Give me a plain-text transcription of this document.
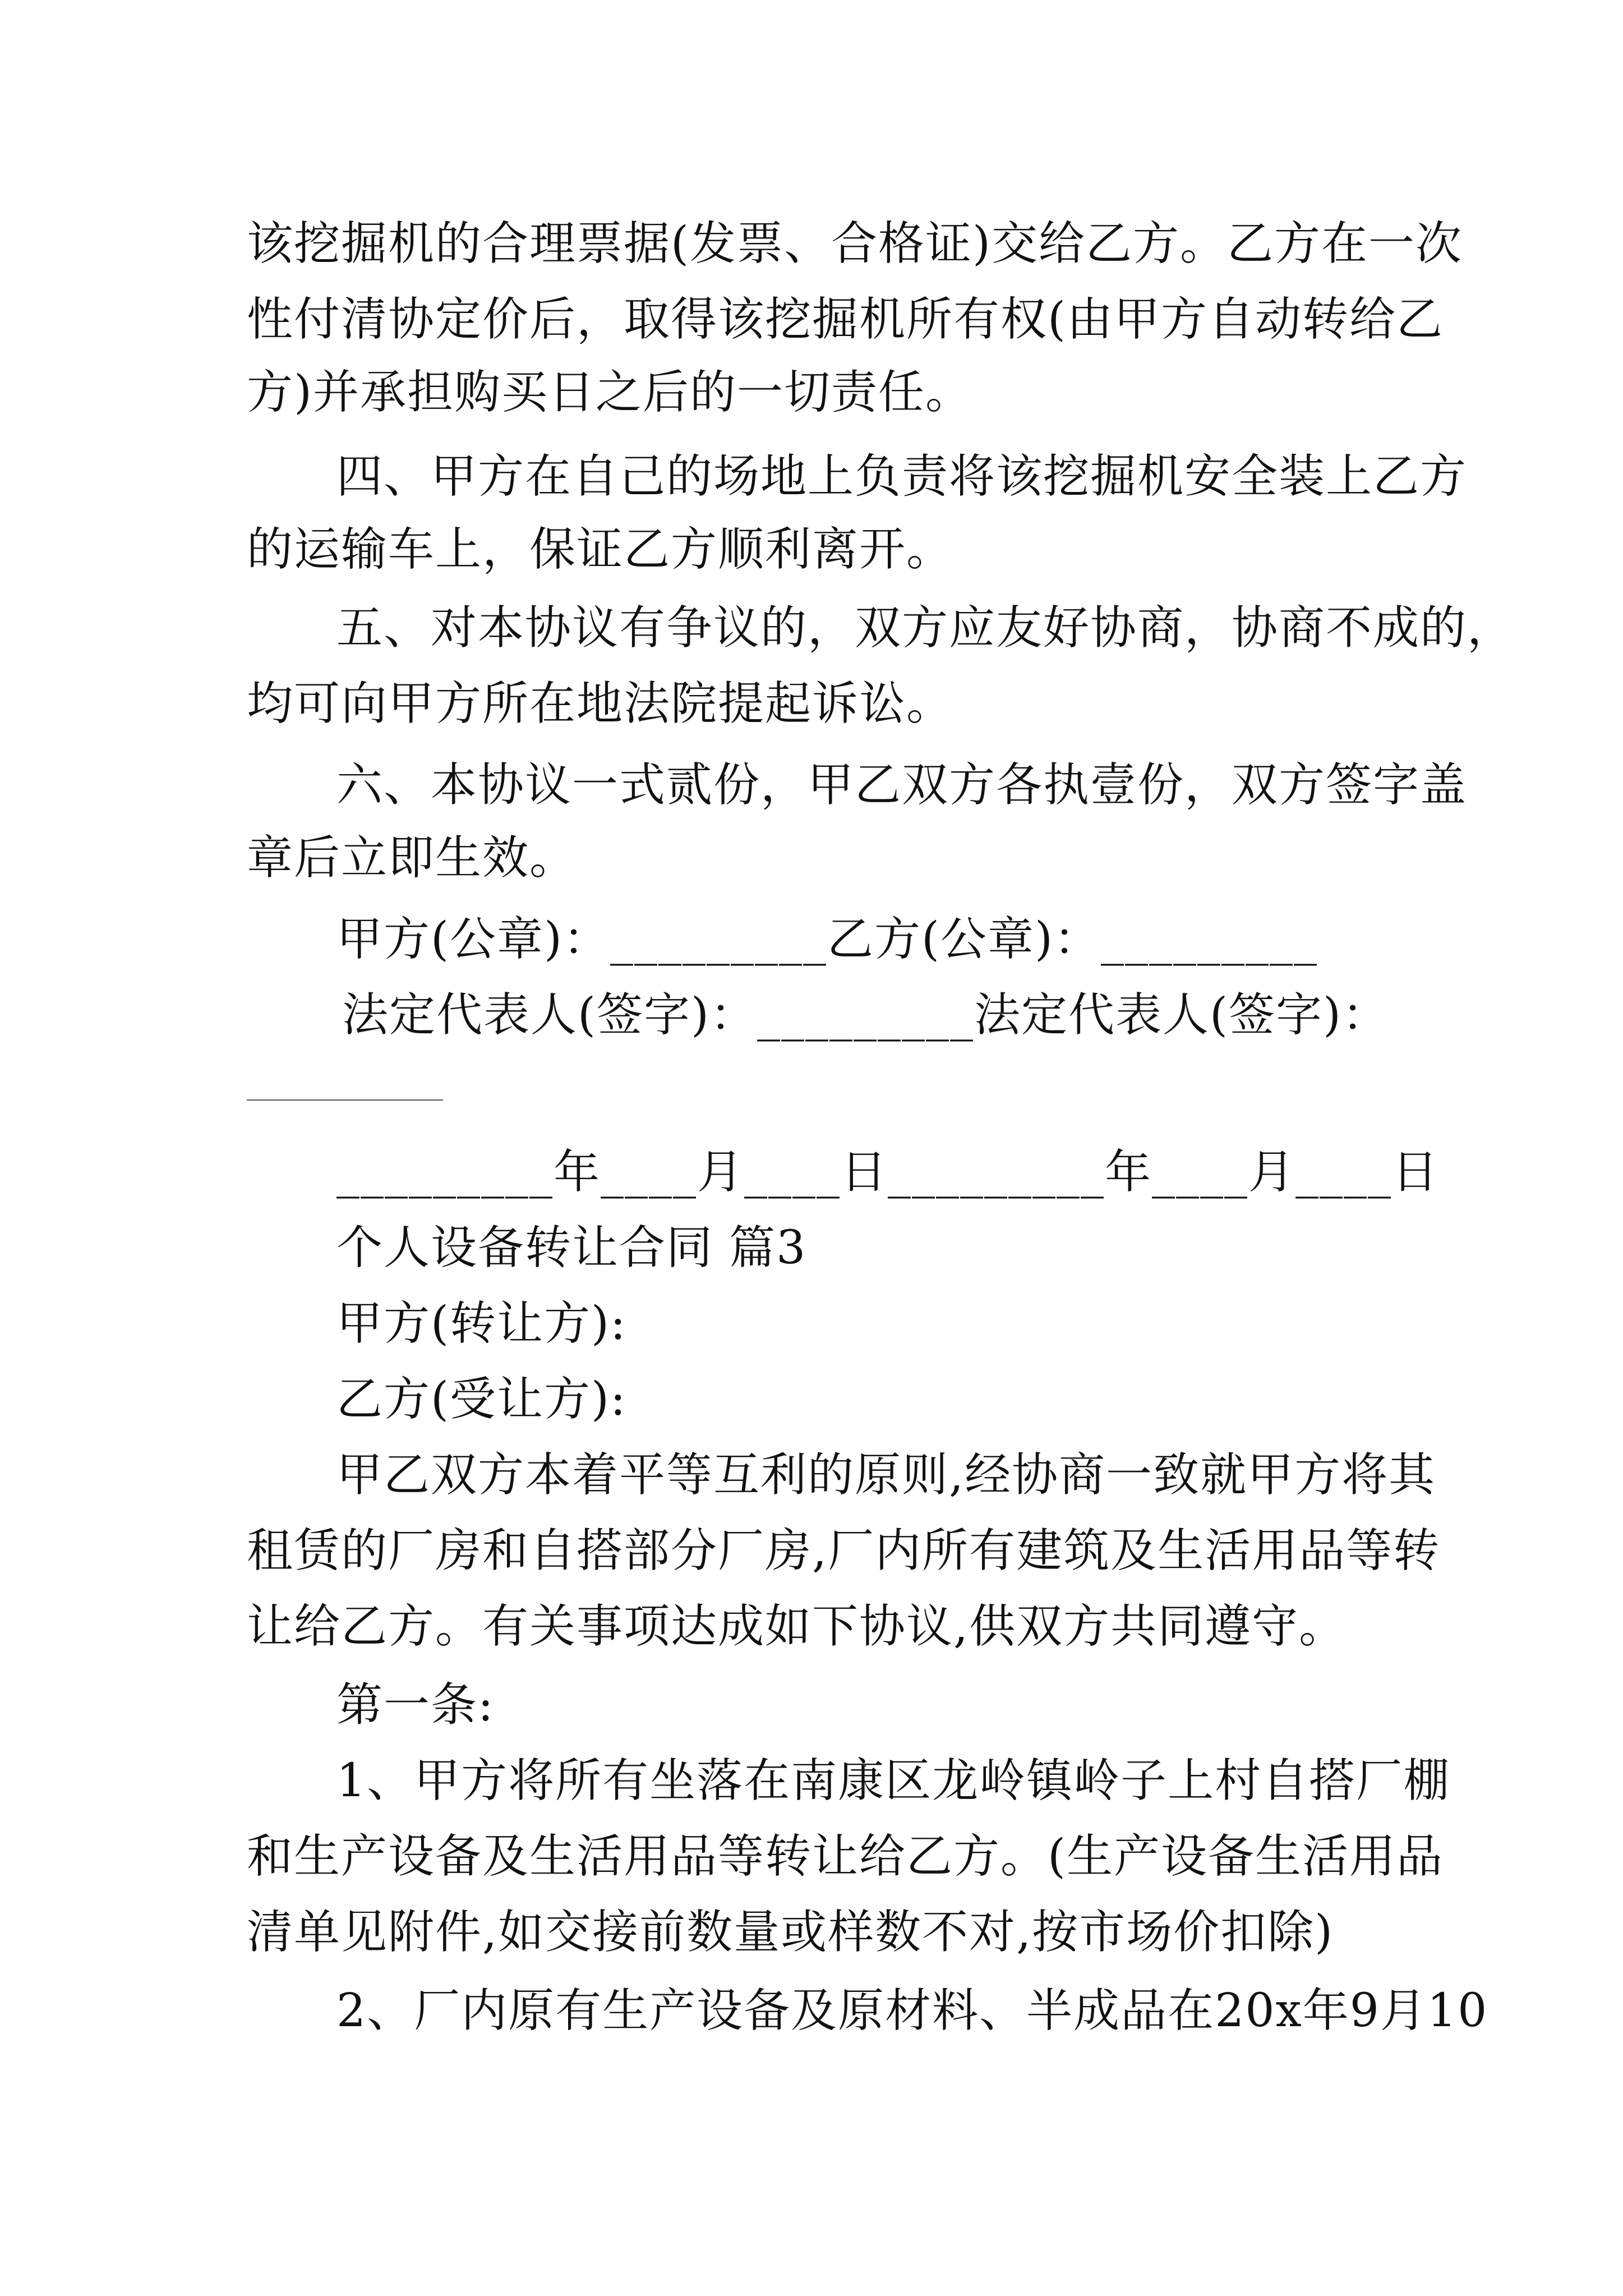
该挖掘机的合理票据(发票、合格证)交给乙方。乙方在一次
性付清协定价后，取得该挖掘机所有权(由甲方自动转给乙
方)并承担购买日之后的一切责任。
四、甲方在自己的场地上负责将该挖掘机安全装上乙方
的运输车上，保证乙方顺利离开。
五、对本协议有争议的，双方应友好协商，协商不成的，
均可向甲方所在地法院提起诉讼。
六、本协议一式贰份，甲乙双方各执壹份，双方签字盖
章后立即生效。
甲方(公章)：_________乙方(公章)：_________
法定代表人(签字)：_________法定代表人(签字)：
_________年____月____日_________年____月____日
个人设备转让合同 篇3
甲方(转让方):
乙方(受让方):
甲乙双方本着平等互利的原则,经协商一致就甲方将其
租赁的厂房和自搭部分厂房,厂内所有建筑及生活用品等转
让给乙方。有关事项达成如下协议,供双方共同遵守。
第一条:
1、甲方将所有坐落在南康区龙岭镇岭子上村自搭厂棚
和生产设备及生活用品等转让给乙方。(生产设备生活用品
清单见附件,如交接前数量或样数不对,按市场价扣除)
2、厂内原有生产设备及原材料、半成品在20x年9月10
